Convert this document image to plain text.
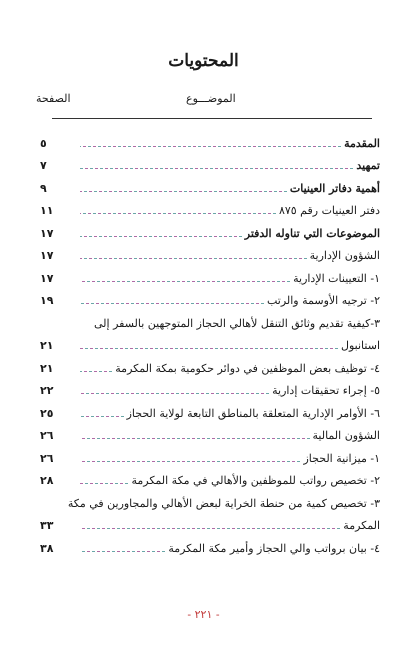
المحتويات
الصفحة	الموضـــوع
المقدمة
٥
تمهيد
٧
أهمية دفاتر العينيات
٩
دفتر العينيات رقم ٨٧٥
١١
الموضوعات التي تناوله الدفتر
١٧
الشؤون الإدارية
١٧
١- التعيينات الإدارية
١٧
٢- ترجيه الأوسمة والرتب
١٩
٣-كيفية تقديم وثائق التنقل لأهالي الحجاز المتوجهين بالسفر إلى
استانبول
٢١
٤- توظيف بعض الموظفين في دوائر حكومية بمكة المكرمة
٢١
٥- إجراء تحقيقات إدارية
٢٢
٦- الأوامر الإدارية المتعلقة بالمناطق التابعة لولاية الحجاز
٢٥
الشؤون المالية
٢٦
١- ميزانية الحجاز
٢٦
٢- تخصيص رواتب للموظفين والأهالي في مكة المكرمة
٢٨
٣- تخصيص كمية من حنطة الخراية لبعض الأهالي والمجاورين في مكة
المكرمة
٣٣
٤- بيان برواتب والي الحجاز وأمير مكة المكرمة
٣٨
- ٢٢١ -
